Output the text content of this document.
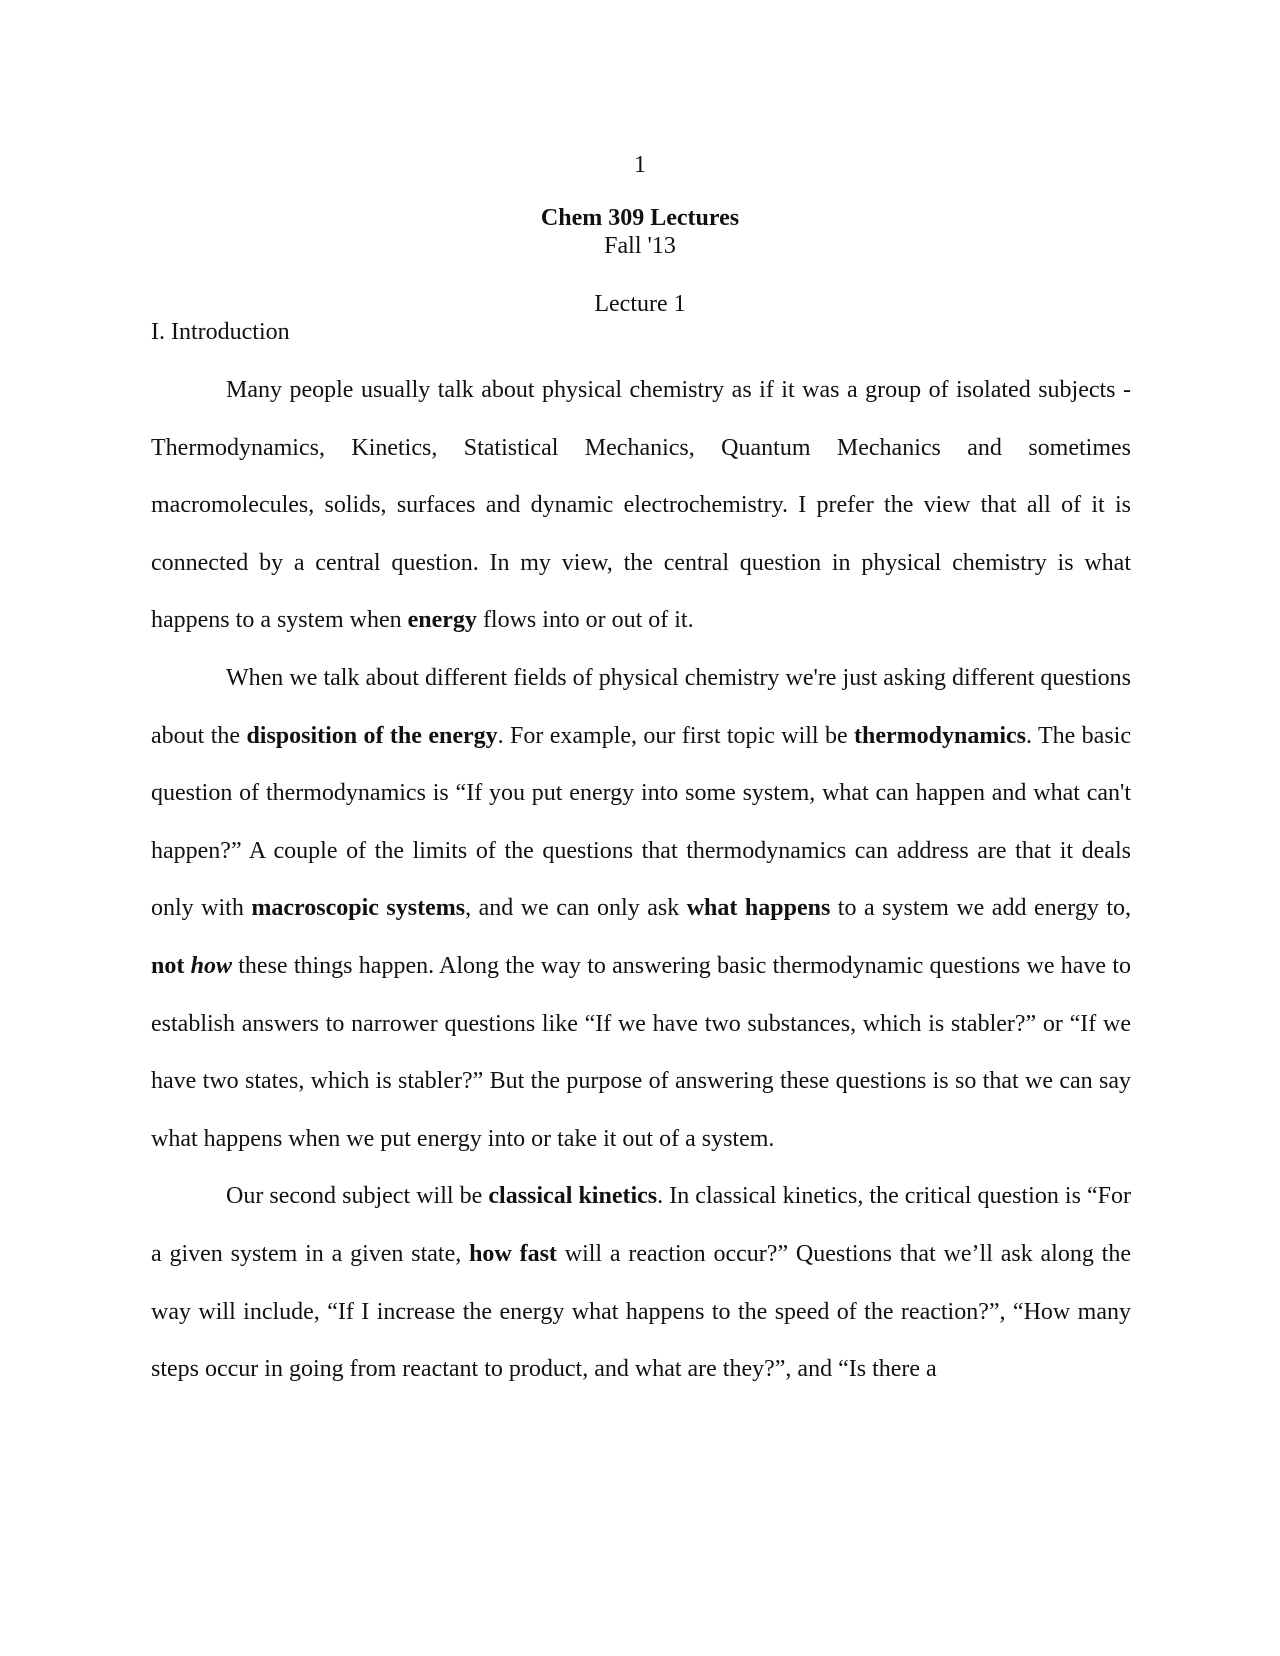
1
Chem 309 Lectures
Fall '13
Lecture 1
I. Introduction

Many people usually talk about physical chemistry as if it was a group of isolated subjects - Thermodynamics, Kinetics, Statistical Mechanics, Quantum Mechanics and sometimes macromolecules, solids, surfaces and dynamic electrochemistry. I prefer the view that all of it is connected by a central question. In my view, the central question in physical chemistry is what happens to a system when energy flows into or out of it.

When we talk about different fields of physical chemistry we're just asking different questions about the disposition of the energy. For example, our first topic will be thermodynamics. The basic question of thermodynamics is “If you put energy into some system, what can happen and what can't happen?” A couple of the limits of the questions that thermodynamics can address are that it deals only with macroscopic systems, and we can only ask what happens to a system we add energy to, not how these things happen. Along the way to answering basic thermodynamic questions we have to establish answers to narrower questions like “If we have two substances, which is stabler?” or “If we have two states, which is stabler?” But the purpose of answering these questions is so that we can say what happens when we put energy into or take it out of a system.

Our second subject will be classical kinetics. In classical kinetics, the critical question is “For a given system in a given state, how fast will a reaction occur?” Questions that we’ll ask along the way will include, “If I increase the energy what happens to the speed of the reaction?”, “How many steps occur in going from reactant to product, and what are they?”, and “Is there a
